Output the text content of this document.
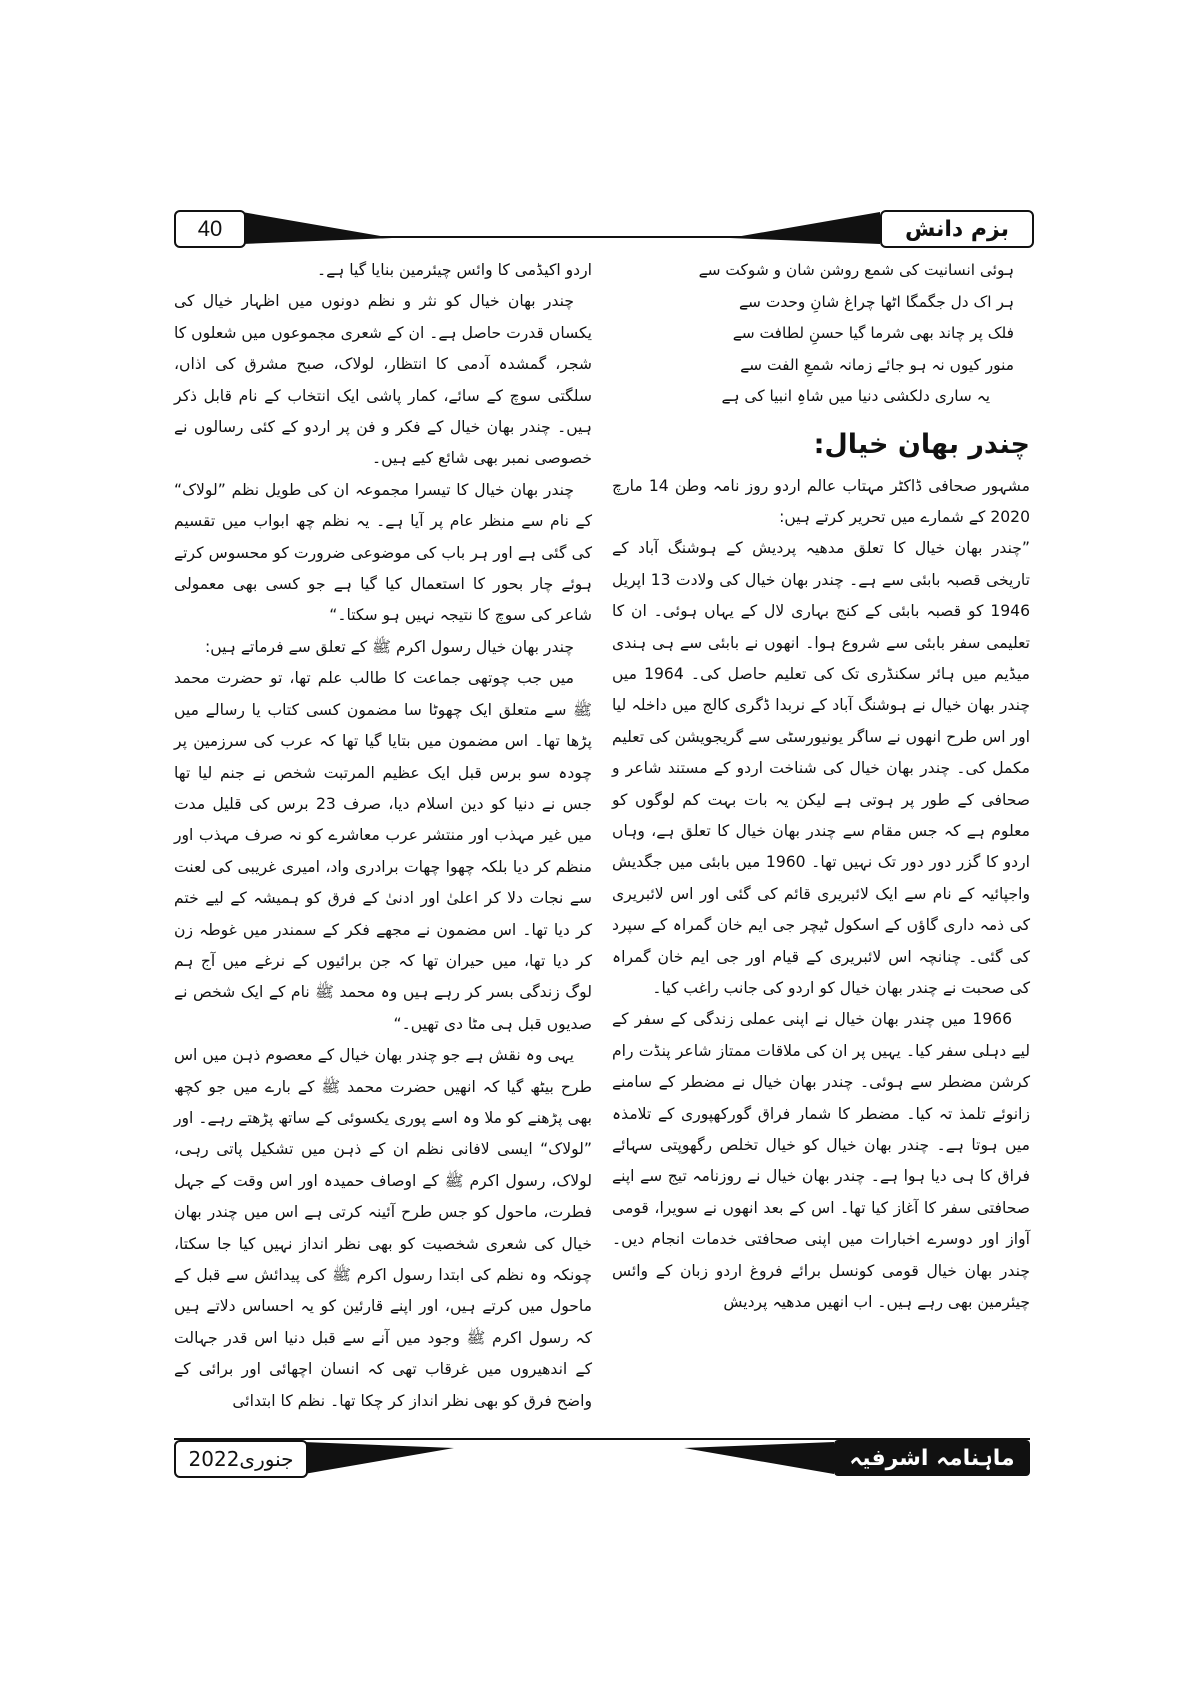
40	بزم دانش

ہوئی انسانیت کی شمع روشن شان و شوکت سے

ہر اک دل جگمگا اٹھا چراغ شانِ وحدت سے

فلک پر چاند بھی شرما گیا حسنِ لطافت سے

منور کیوں نہ ہو جائے زمانہ شمعِ الفت سے

یہ ساری دلکشی دنیا میں شاہِ انبیا کی ہے

چندر بھان خیال:

مشہور صحافی ڈاکٹر مہتاب عالم اردو روز نامہ وطن 14 مارچ 2020 کے شمارے میں تحریر کرتے ہیں:

”چندر بھان خیال کا تعلق مدھیہ پردیش کے ہوشنگ آباد کے تاریخی قصبہ بابئی سے ہے۔ چندر بھان خیال کی ولادت 13 اپریل 1946 کو قصبہ بابئی کے کنج بہاری لال کے یہاں ہوئی۔ ان کا تعلیمی سفر بابئی سے شروع ہوا۔ انھوں نے بابئی سے ہی ہندی میڈیم میں ہائر سکنڈری تک کی تعلیم حاصل کی۔ 1964 میں چندر بھان خیال نے ہوشنگ آباد کے نربدا ڈگری کالج میں داخلہ لیا اور اس طرح انھوں نے ساگر یونیورسٹی سے گریجویشن کی تعلیم مکمل کی۔ چندر بھان خیال کی شناخت اردو کے مستند شاعر و صحافی کے طور پر ہوتی ہے لیکن یہ بات بہت کم لوگوں کو معلوم ہے کہ جس مقام سے چندر بھان خیال کا تعلق ہے، وہاں اردو کا گزر دور دور تک نہیں تھا۔ 1960 میں بابئی میں جگدیش واجپائیہ کے نام سے ایک لائبریری قائم کی گئی اور اس لائبریری کی ذمہ داری گاؤں کے اسکول ٹیچر جی ایم خان گمراہ کے سپرد کی گئی۔ چنانچہ اس لائبریری کے قیام اور جی ایم خان گمراہ کی صحبت نے چندر بھان خیال کو اردو کی جانب راغب کیا۔

1966 میں چندر بھان خیال نے اپنی عملی زندگی کے سفر کے لیے دہلی سفر کیا۔ یہیں پر ان کی ملاقات ممتاز شاعر پنڈت رام کرشن مضطر سے ہوئی۔ چندر بھان خیال نے مضطر کے سامنے زانوئے تلمذ تہ کیا۔ مضطر کا شمار فراق گورکھپوری کے تلامذہ میں ہوتا ہے۔ چندر بھان خیال کو خیال تخلص رگھوپتی سہائے فراق کا ہی دیا ہوا ہے۔ چندر بھان خیال نے روزنامہ تیج سے اپنے صحافتی سفر کا آغاز کیا تھا۔ اس کے بعد انھوں نے سویرا، قومی آواز اور دوسرے اخبارات میں اپنی صحافتی خدمات انجام دیں۔ چندر بھان خیال قومی کونسل برائے فروغ اردو زبان کے وائس چیئرمین بھی رہے ہیں۔ اب انھیں مدھیہ پردیش

اردو اکیڈمی کا وائس چیئرمین بنایا گیا ہے۔

چندر بھان خیال کو نثر و نظم دونوں میں اظہار خیال کی یکساں قدرت حاصل ہے۔ ان کے شعری مجموعوں میں شعلوں کا شجر، گمشدہ آدمی کا انتظار، لولاک، صبح مشرق کی اذاں، سلگتی سوچ کے سائے، کمار پاشی ایک انتخاب کے نام قابل ذکر ہیں۔ چندر بھان خیال کے فکر و فن پر اردو کے کئی رسالوں نے خصوصی نمبر بھی شائع کیے ہیں۔

چندر بھان خیال کا تیسرا مجموعہ ان کی طویل نظم ”لولاک“ کے نام سے منظر عام پر آیا ہے۔ یہ نظم چھ ابواب میں تقسیم کی گئی ہے اور ہر باب کی موضوعی ضرورت کو محسوس کرتے ہوئے چار بحور کا استعمال کیا گیا ہے جو کسی بھی معمولی شاعر کی سوچ کا نتیجہ نہیں ہو سکتا۔“

چندر بھان خیال رسول اکرم ﷺ کے تعلق سے فرماتے ہیں:

میں جب چوتھی جماعت کا طالب علم تھا، تو حضرت محمد ﷺ سے متعلق ایک چھوٹا سا مضمون کسی کتاب یا رسالے میں پڑھا تھا۔ اس مضمون میں بتایا گیا تھا کہ عرب کی سرزمین پر چودہ سو برس قبل ایک عظیم المرتبت شخص نے جنم لیا تھا جس نے دنیا کو دین اسلام دیا، صرف 23 برس کی قلیل مدت میں غیر مہذب اور منتشر عرب معاشرے کو نہ صرف مہذب اور منظم کر دیا بلکہ چھوا چھات برادری واد، امیری غریبی کی لعنت سے نجات دلا کر اعلیٰ اور ادنیٰ کے فرق کو ہمیشہ کے لیے ختم کر دیا تھا۔ اس مضمون نے مجھے فکر کے سمندر میں غوطہ زن کر دیا تھا، میں حیران تھا کہ جن برائیوں کے نرغے میں آج ہم لوگ زندگی بسر کر رہے ہیں وہ محمد ﷺ نام کے ایک شخص نے صدیوں قبل ہی مٹا دی تھیں۔“

یہی وہ نقش ہے جو چندر بھان خیال کے معصوم ذہن میں اس طرح بیٹھ گیا کہ انھیں حضرت محمد ﷺ کے بارے میں جو کچھ بھی پڑھنے کو ملا وہ اسے پوری یکسوئی کے ساتھ پڑھتے رہے۔ اور ”لولاک“ ایسی لافانی نظم ان کے ذہن میں تشکیل پاتی رہی، لولاک، رسول اکرم ﷺ کے اوصاف حمیدہ اور اس وقت کے جہل فطرت، ماحول کو جس طرح آئینہ کرتی ہے اس میں چندر بھان خیال کی شعری شخصیت کو بھی نظر انداز نہیں کیا جا سکتا، چونکہ وہ نظم کی ابتدا رسول اکرم ﷺ کی پیدائش سے قبل کے ماحول میں کرتے ہیں، اور اپنے قارئین کو یہ احساس دلاتے ہیں کہ رسول اکرم ﷺ وجود میں آنے سے قبل دنیا اس قدر جہالت کے اندھیروں میں غرقاب تھی کہ انسان اچھائی اور برائی کے واضح فرق کو بھی نظر انداز کر چکا تھا۔ نظم کا ابتدائی

جنوری2022	ماہنامہ اشرفیہ
